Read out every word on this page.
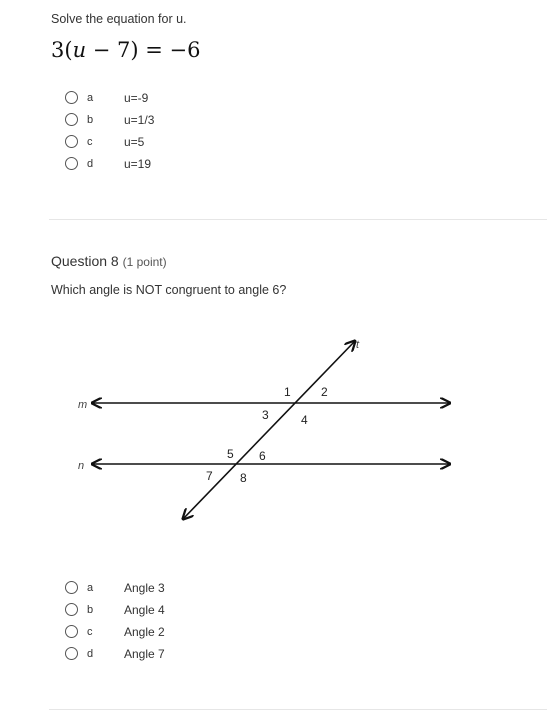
Solve the equation for u.
3(u − 7) = −6
a	u=-9
b	u=1/3
c	u=5
d	u=19
Question 8 (1 point)
Which angle is NOT congruent to angle 6?
m
n
t
1	2
3	4
5 6
7 8
a	Angle 3
b	Angle 4
c	Angle 2
d	Angle 7
